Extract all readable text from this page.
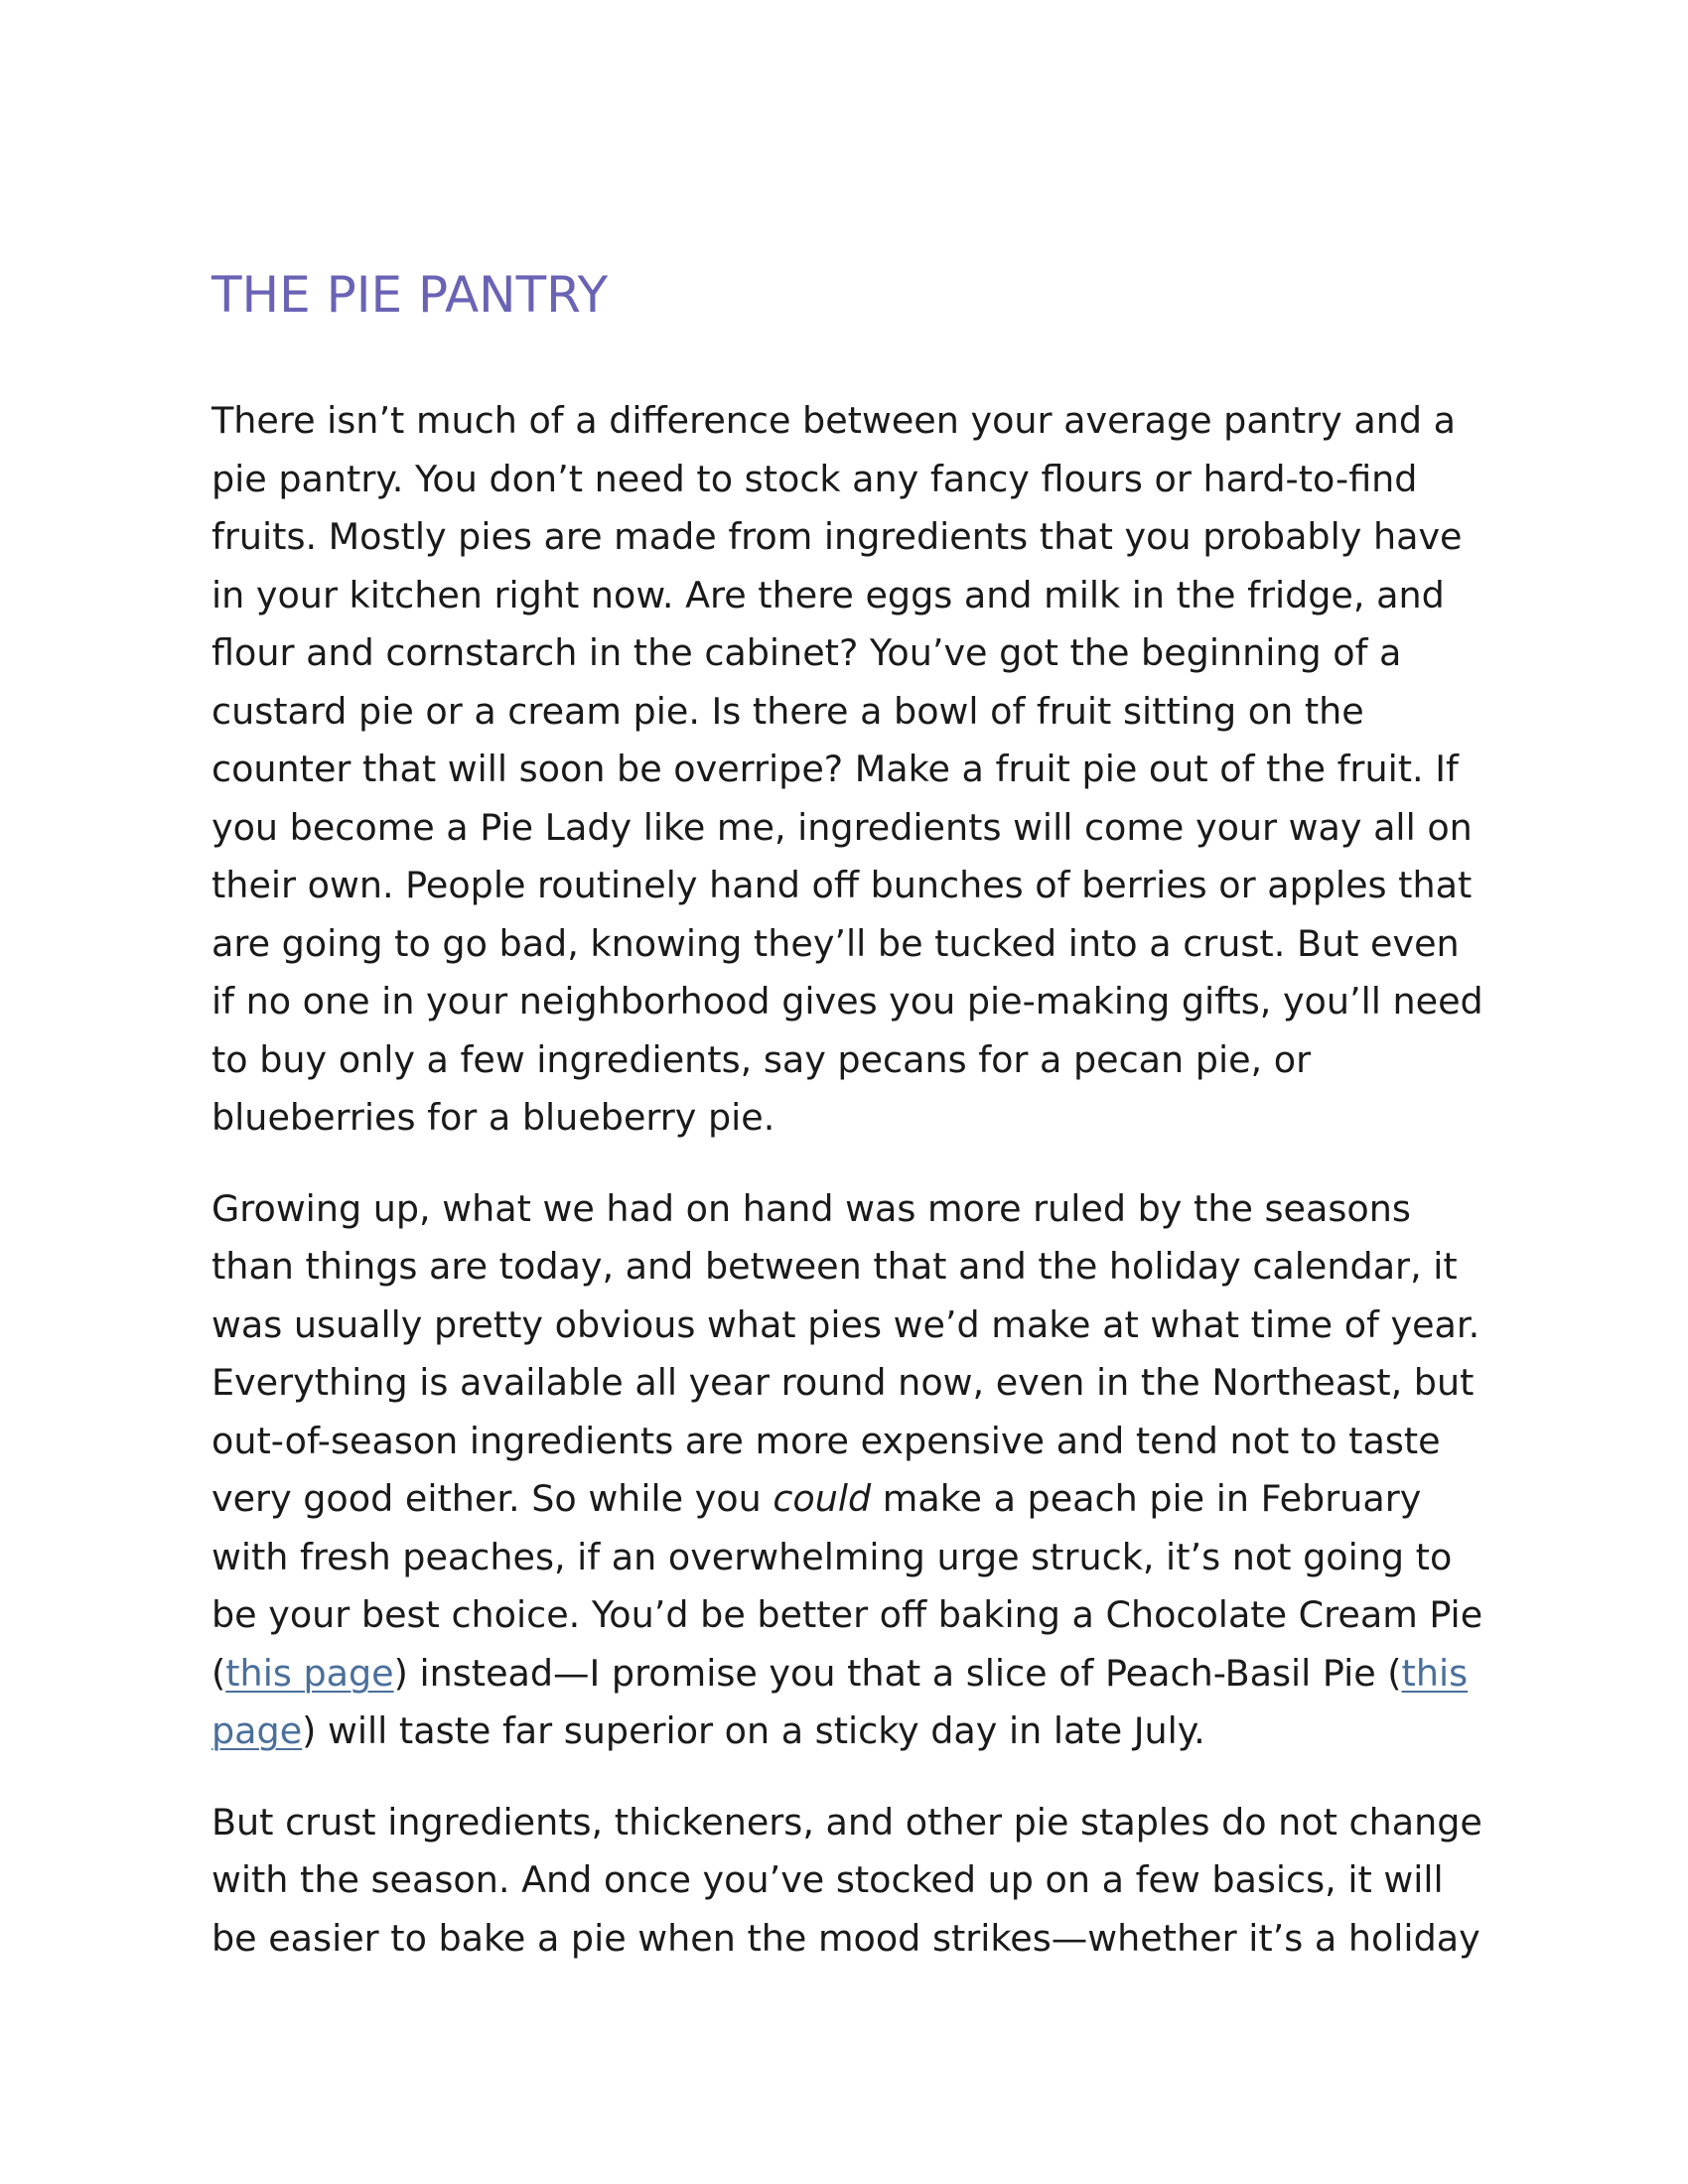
THE PIE PANTRY

There isn’t much of a difference between your average pantry and a pie pantry. You don’t need to stock any fancy flours or hard-to-find fruits. Mostly pies are made from ingredients that you probably have in your kitchen right now. Are there eggs and milk in the fridge, and flour and cornstarch in the cabinet? You’ve got the beginning of a custard pie or a cream pie. Is there a bowl of fruit sitting on the counter that will soon be overripe? Make a fruit pie out of the fruit. If you become a Pie Lady like me, ingredients will come your way all on their own. People routinely hand off bunches of berries or apples that are going to go bad, knowing they’ll be tucked into a crust. But even if no one in your neighborhood gives you pie-making gifts, you’ll need to buy only a few ingredients, say pecans for a pecan pie, or blueberries for a blueberry pie.

Growing up, what we had on hand was more ruled by the seasons than things are today, and between that and the holiday calendar, it was usually pretty obvious what pies we’d make at what time of year. Everything is available all year round now, even in the Northeast, but out-of-season ingredients are more expensive and tend not to taste very good either. So while you could make a peach pie in February with fresh peaches, if an overwhelming urge struck, it’s not going to be your best choice. You’d be better off baking a Chocolate Cream Pie (this page) instead—I promise you that a slice of Peach-Basil Pie (this page) will taste far superior on a sticky day in late July.

But crust ingredients, thickeners, and other pie staples do not change with the season. And once you’ve stocked up on a few basics, it will be easier to bake a pie when the mood strikes—whether it’s a holiday
